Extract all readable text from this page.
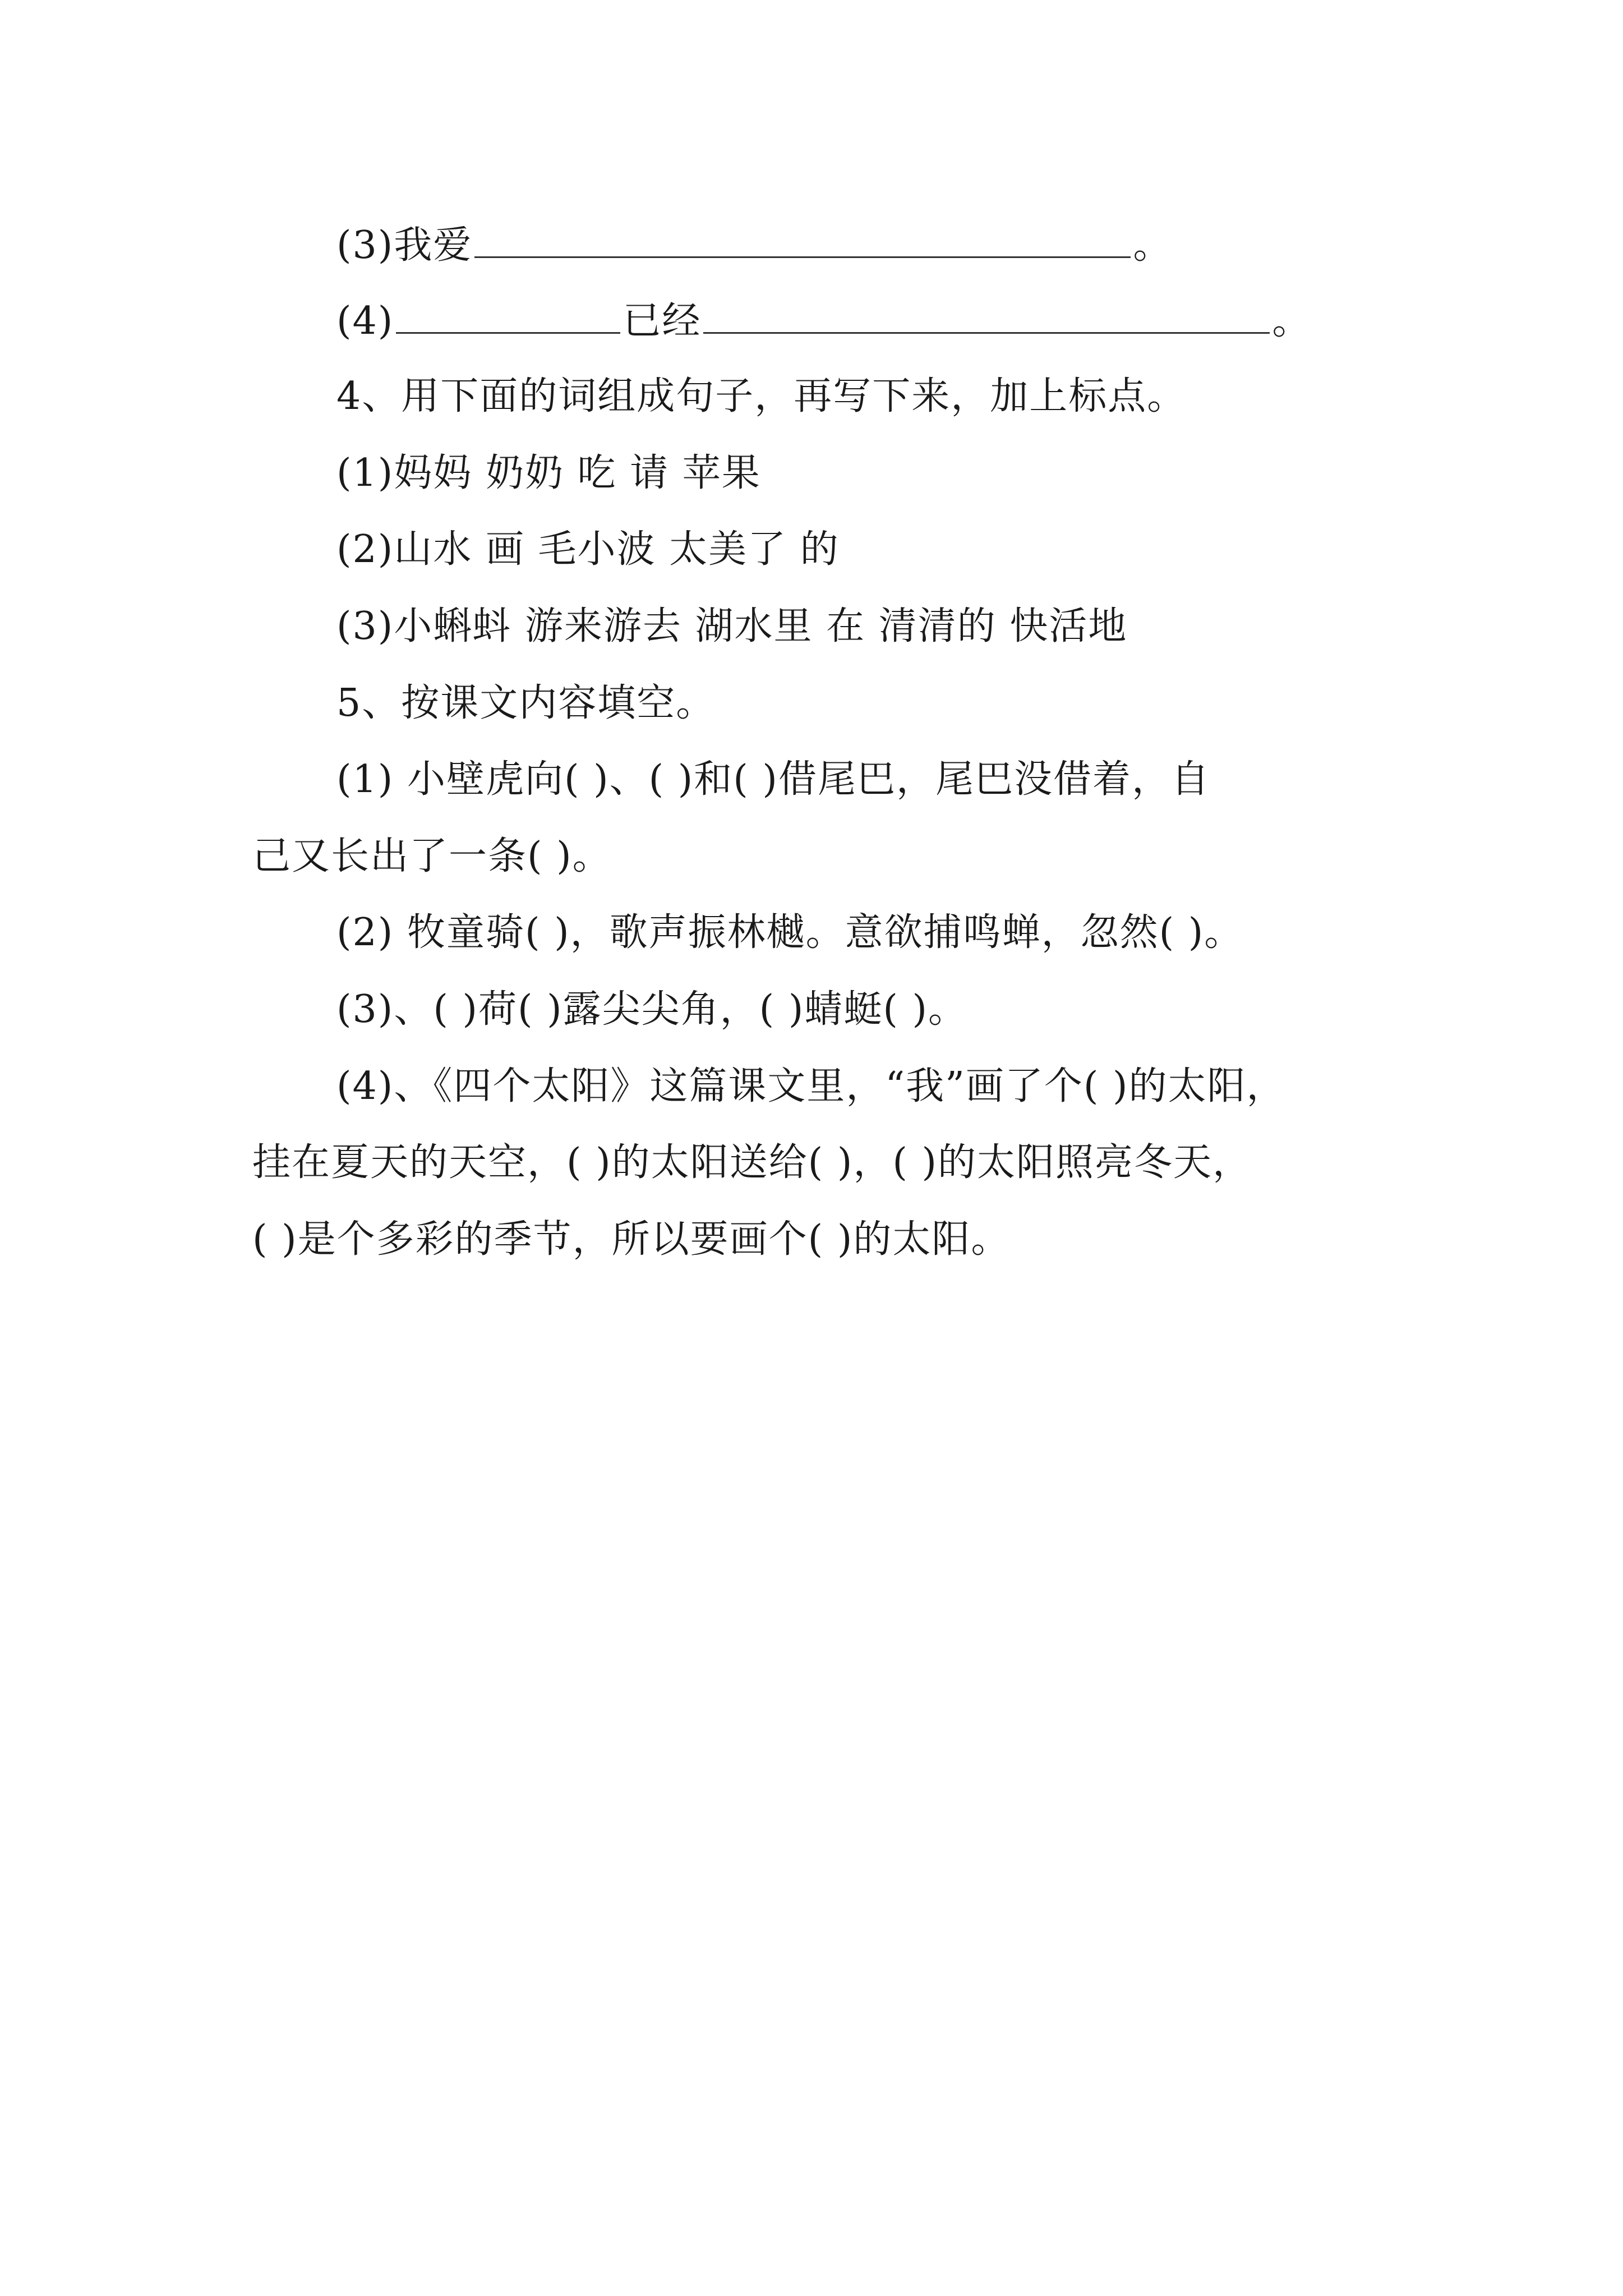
(3)我爱	。
(4)	已经	。
4、用下面的词组成句子，再写下来，加上标点。
(1)妈妈 奶奶 吃 请 苹果
(2)山水 画 毛小波 太美了 的
(3)小蝌蚪 游来游去 湖水里 在 清清的 快活地
5、按课文内容填空。
(1) 小壁虎向( )、( )和( )借尾巴，尾巴没借着，自
己又长出了一条( )。
(2) 牧童骑( )，歌声振林樾。意欲捕鸣蝉，忽然( )。
(3)、( )荷( )露尖尖角，( )蜻蜓( )。
(4)、《四个太阳》这篇课文里，“我”画了个( )的太阳，
挂在夏天的天空，( )的太阳送给( )，( )的太阳照亮冬天，
( )是个多彩的季节，所以要画个( )的太阳。
